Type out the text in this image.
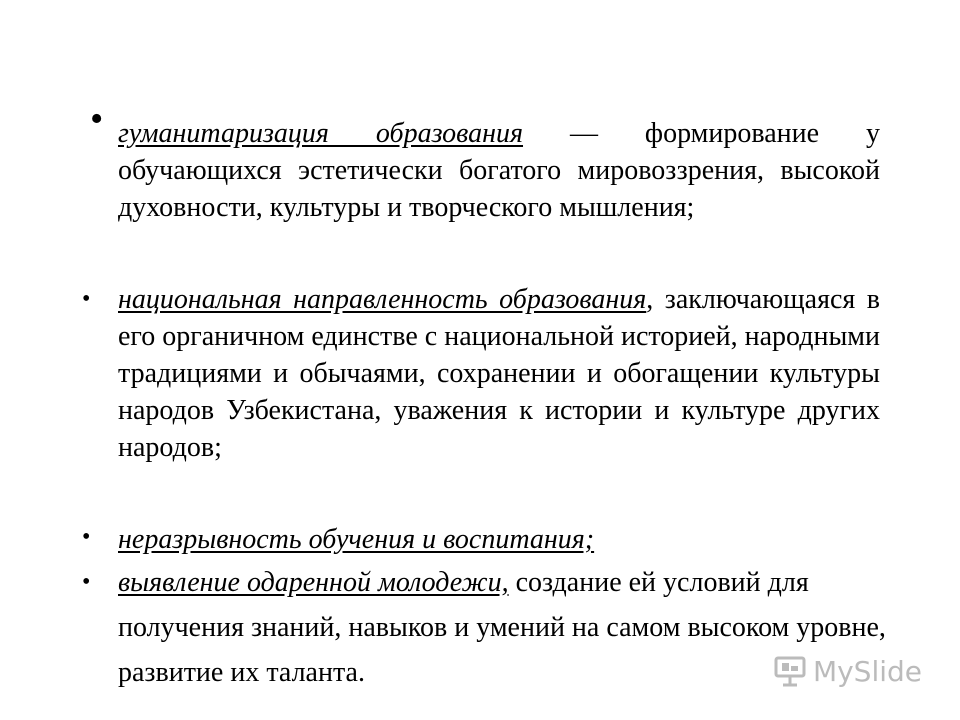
• гуманитаризация образования — формирование у обучающихся эстетически богатого мировоззрения, высокой духовности, культуры и творческого мышления;
• национальная направленность образования, заключающаяся в его органичном единстве с национальной историей, народными традициями и обычаями, сохранении и обогащении культуры народов Узбекистана, уважения к истории и культуре других народов;
• неразрывность обучения и воспитания;
• выявление одаренной молодежи, создание ей условий для получения знаний, навыков и умений на самом высоком уровне, развитие их таланта.	MySlide
